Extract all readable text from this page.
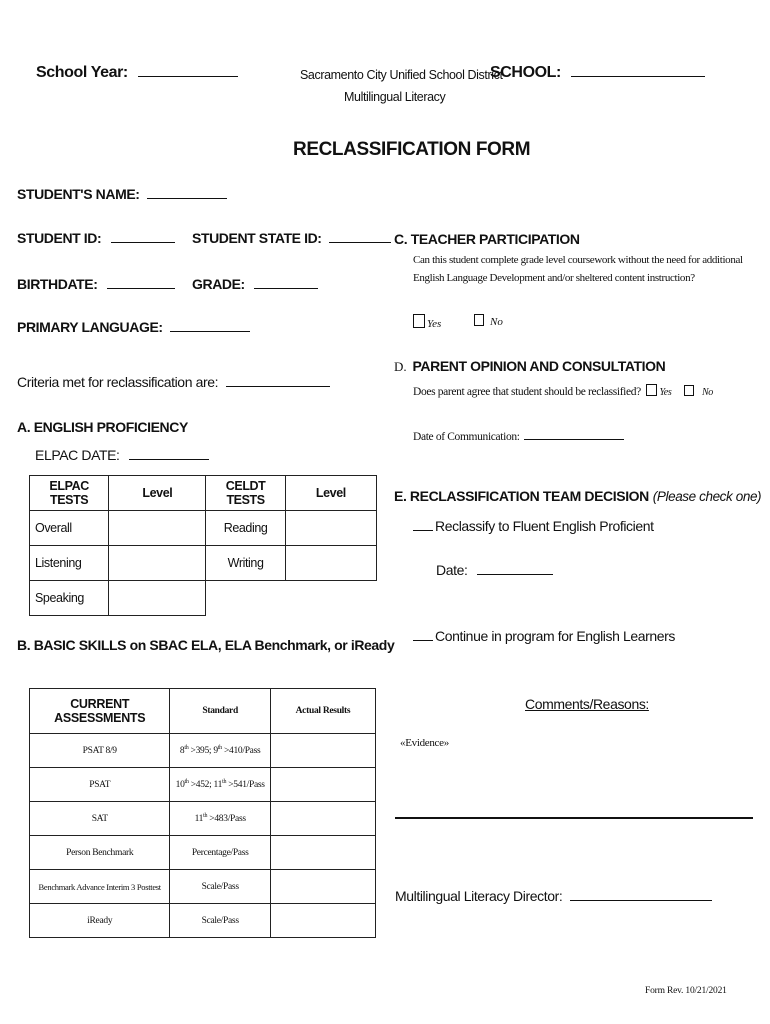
School Year:	Sacramento City Unified School District
Multilingual Literacy
SCHOOL:
RECLASSIFICATION FORM
STUDENT'S NAME:
STUDENT ID:	STUDENT STATE ID:
BIRTHDATE:	GRADE:
PRIMARY LANGUAGE:
Criteria met for reclassification are:
A. ENGLISH PROFICIENCY
ELPAC DATE:
ELPAC TESTS	Level	CELDT TESTS	Level
Overall		Reading	
Listening		Writing	
Speaking			
B. BASIC SKILLS on SBAC ELA, ELA Benchmark, or iReady
CURRENT ASSESSMENTS	Standard	Actual Results
PSAT 8/9	8th >395; 9th >410/Pass	
PSAT	10th >452; 11th >541/Pass	
SAT	11th >483/Pass	
Person Benchmark	Percentage/Pass	
Benchmark Advance Interim 3 Posttest	Scale/Pass	
iReady	Scale/Pass	
C. TEACHER PARTICIPATION
Can this student complete grade level coursework without the need for additional
English Language Development and/or sheltered content instruction?
Yes	No
D. PARENT OPINION AND CONSULTATION
Does parent agree that student should be reclassified? Yes	No
Date of Communication:
E. RECLASSIFICATION TEAM DECISION (Please check one)
Reclassify to Fluent English Proficient
Date:
Continue in program for English Learners
Comments/Reasons:
«Evidence»
Multilingual Literacy Director:
Form Rev. 10/21/2021
